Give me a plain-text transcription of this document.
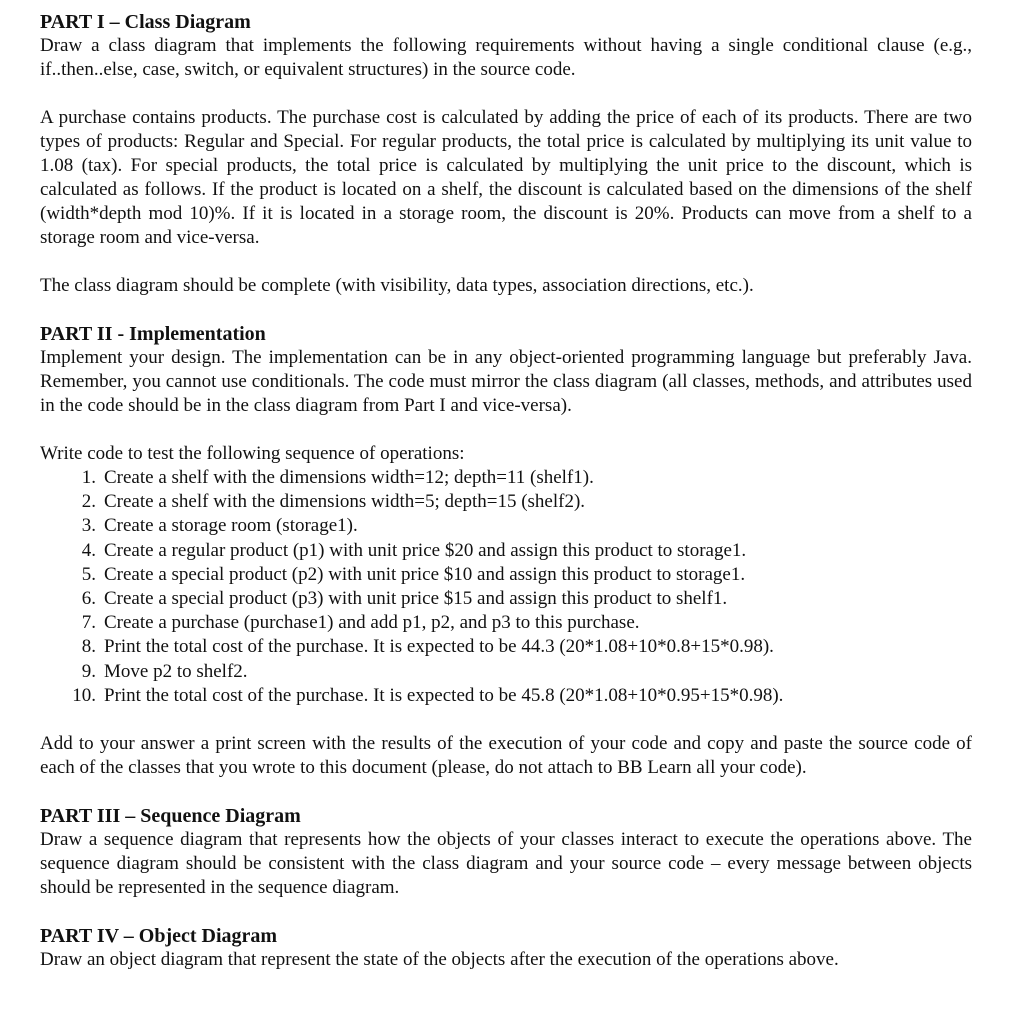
PART I – Class Diagram

Draw a class diagram that implements the following requirements without having a single conditional clause (e.g., if..then..else, case, switch, or equivalent structures) in the source code.

A purchase contains products. The purchase cost is calculated by adding the price of each of its products. There are two types of products: Regular and Special. For regular products, the total price is calculated by multiplying its unit value to 1.08 (tax). For special products, the total price is calculated by multiplying the unit price to the discount, which is calculated as follows. If the product is located on a shelf, the discount is calculated based on the dimensions of the shelf (width*depth mod 10)%. If it is located in a storage room, the discount is 20%. Products can move from a shelf to a storage room and vice-versa.

The class diagram should be complete (with visibility, data types, association directions, etc.).

PART II - Implementation

Implement your design. The implementation can be in any object-oriented programming language but preferably Java. Remember, you cannot use conditionals. The code must mirror the class diagram (all classes, methods, and attributes used in the code should be in the class diagram from Part I and vice-versa).

Write code to test the following sequence of operations:

1. Create a shelf with the dimensions width=12; depth=11 (shelf1).
2. Create a shelf with the dimensions width=5; depth=15 (shelf2).
3. Create a storage room (storage1).
4. Create a regular product (p1) with unit price $20 and assign this product to storage1.
5. Create a special product (p2) with unit price $10 and assign this product to storage1.
6. Create a special product (p3) with unit price $15 and assign this product to shelf1.
7. Create a purchase (purchase1) and add p1, p2, and p3 to this purchase.
8. Print the total cost of the purchase. It is expected to be 44.3 (20*1.08+10*0.8+15*0.98).
9. Move p2 to shelf2.
10. Print the total cost of the purchase. It is expected to be 45.8 (20*1.08+10*0.95+15*0.98).

Add to your answer a print screen with the results of the execution of your code and copy and paste the source code of each of the classes that you wrote to this document (please, do not attach to BB Learn all your code).

PART III – Sequence Diagram

Draw a sequence diagram that represents how the objects of your classes interact to execute the operations above. The sequence diagram should be consistent with the class diagram and your source code – every message between objects should be represented in the sequence diagram.

PART IV – Object Diagram

Draw an object diagram that represent the state of the objects after the execution of the operations above.
